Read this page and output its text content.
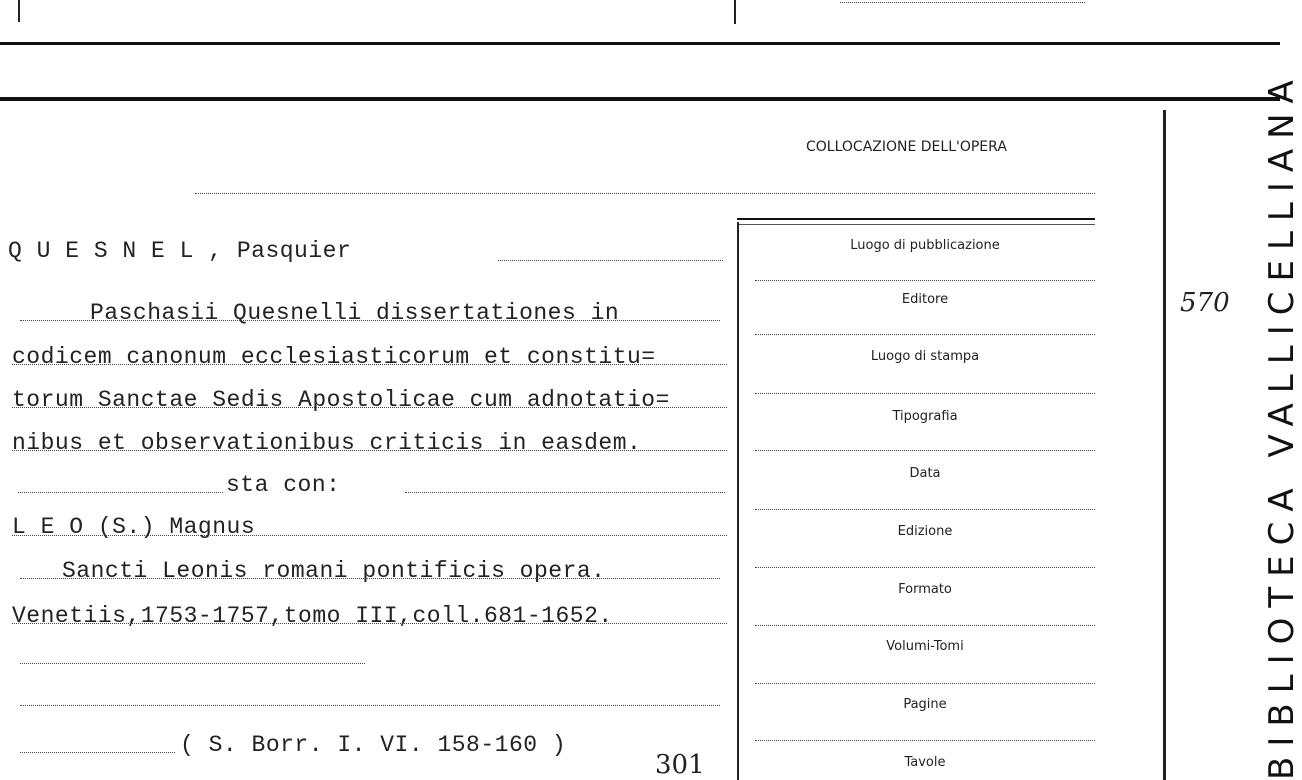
COLLOCAZIONE DELL'OPERA
Q U E S N E L , Pasquier
Paschasii Quesnelli dissertationes in
codicem canonum ecclesiasticorum et constitu=
torum Sanctae Sedis Apostolicae cum adnotatio=
nibus et observationibus criticis in easdem.
sta con:
L E O (S.) Magnus
Sancti Leonis romani pontificis opera.
Venetiis,1753-1757,tomo III,coll.681-1652.
( S. Borr. I. VI. 158-160 )
301
Luogo di pubblicazione
Editore
Luogo di stampa
Tipografia
Data
Edizione
Formato
Volumi-Tomi
Pagine
Tavole
570 BIBLIOTECA VALLICELLIANA
